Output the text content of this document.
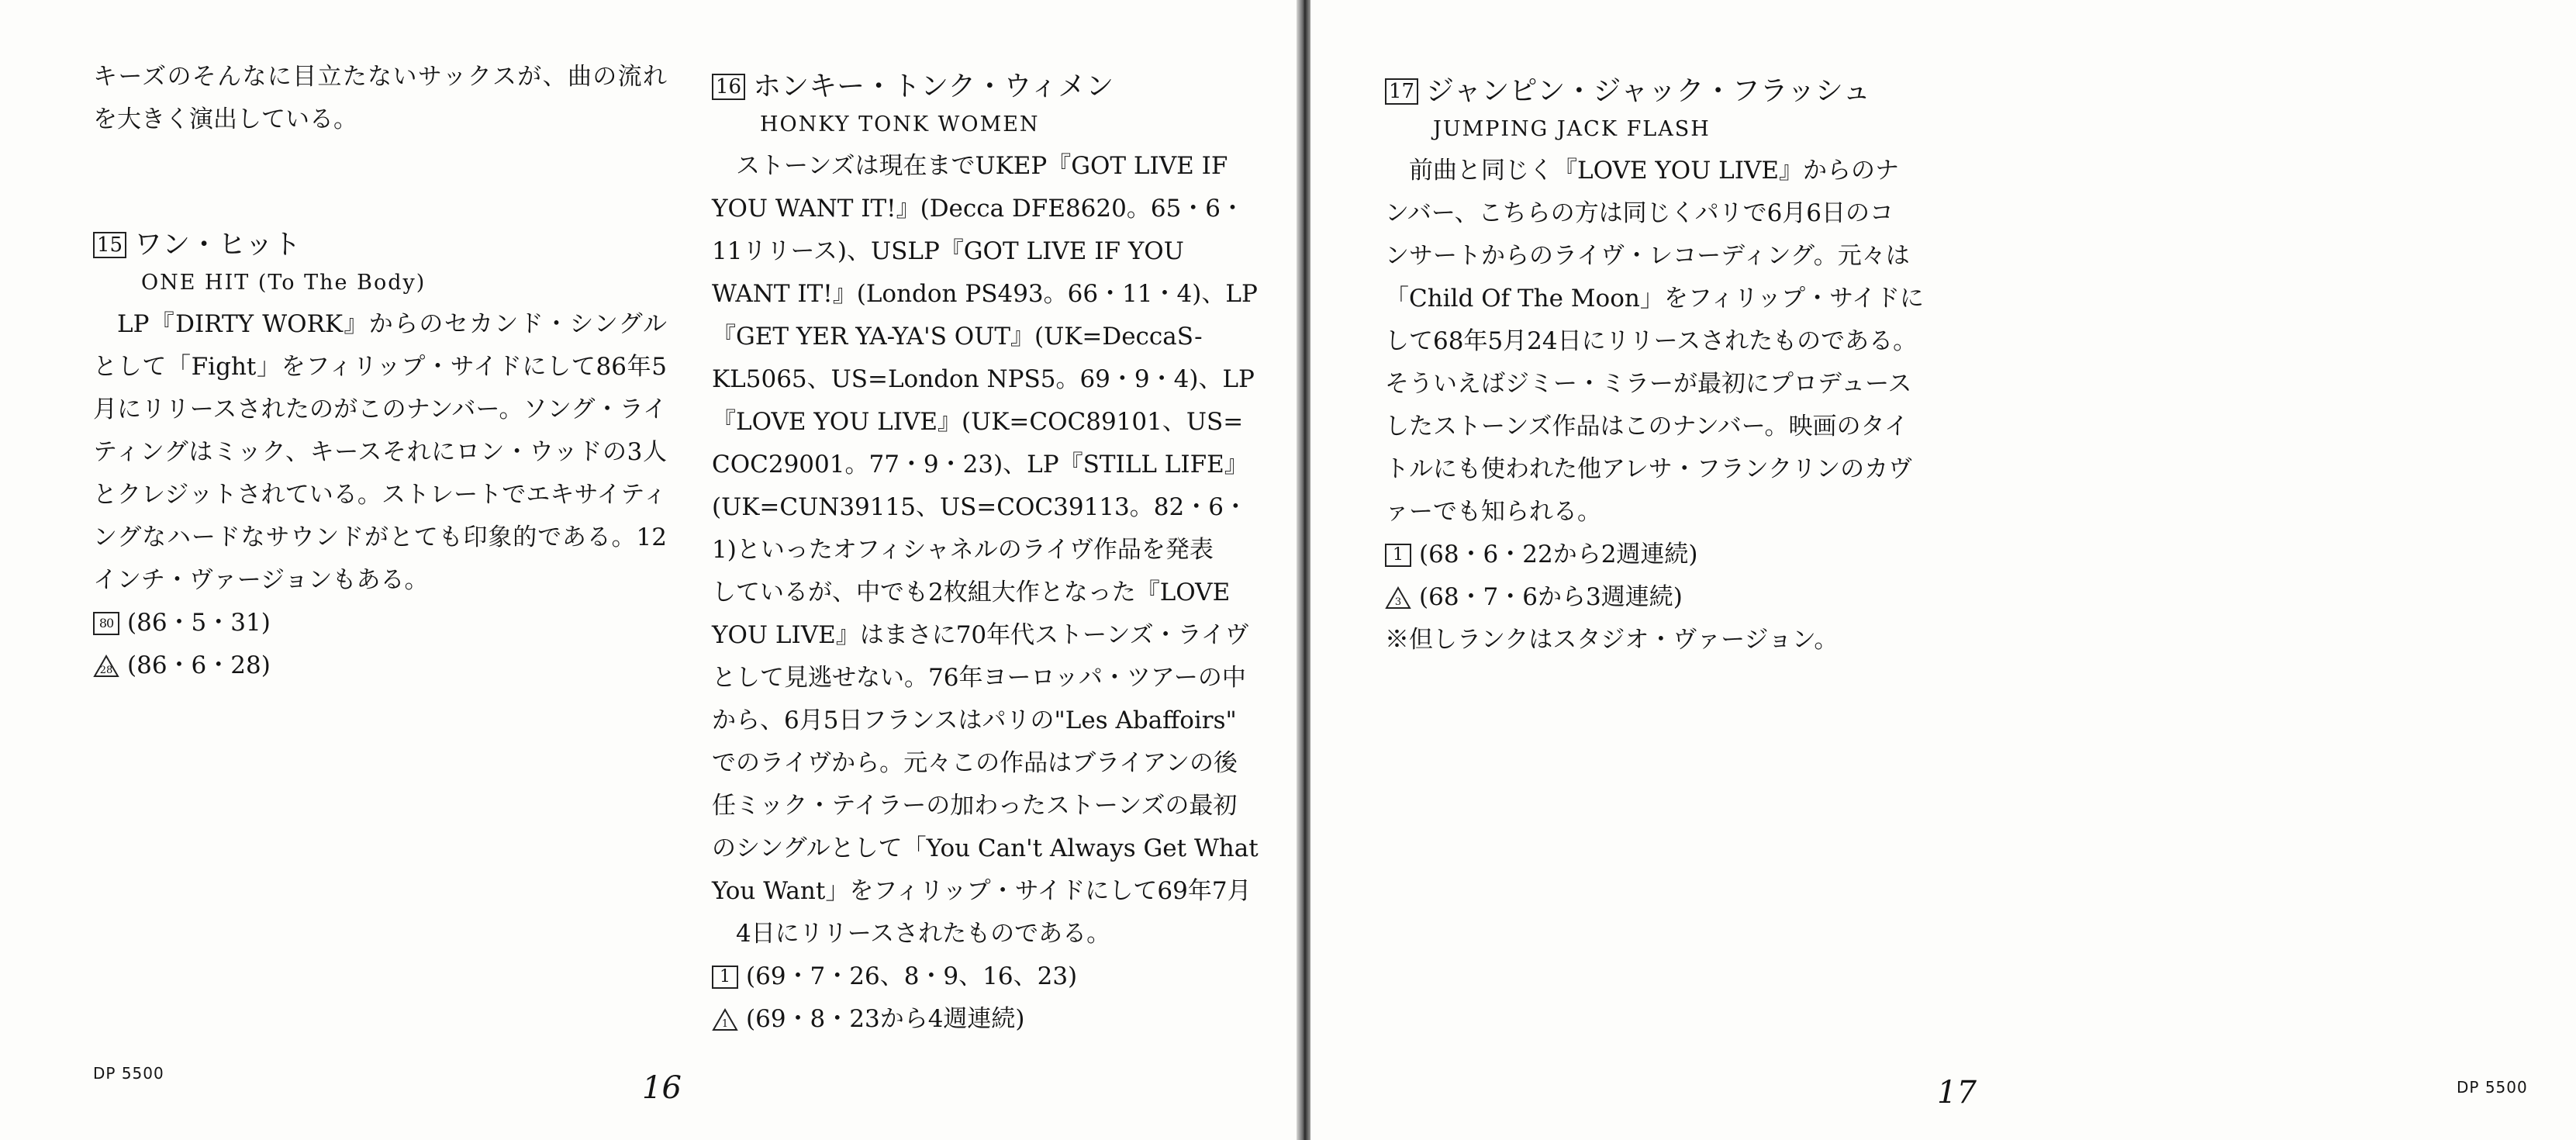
キーズのそんなに目立たないサックスが、曲の流れを大きく演出している。

15 ワン・ヒット

ONE HIT (To The Body)

LP『DIRTY WORK』からのセカンド・シングルとして「Fight」をフィリップ・サイドにして86年5月にリリースされたのがこのナンバー。ソング・ライティングはミック、キースそれにロン・ウッドの3人とクレジットされている。ストレートでエキサイティングなハードなサウンドがとても印象的である。12インチ・ヴァージョンもある。

80 (86・5・31)

28 (86・6・28)

16 ホンキー・トンク・ウィメン

HONKY TONK WOMEN

ストーンズは現在までUKEP『GOT LIVE IF

YOU WANT IT!』(Decca DFE8620。65・6・

11リリース)、USLP『GOT LIVE IF YOU

WANT IT!』(London PS493。66・11・4)、LP

『GET YER YA-YA'S OUT』(UK=DeccaS-

KL5065、US=London NPS5。69・9・4)、LP

『LOVE YOU LIVE』(UK=COC89101、US=

COC29001。77・9・23)、LP『STILL LIFE』

(UK=CUN39115、US=COC39113。82・6・

1)といったオフィシャネルのライヴ作品を発表

しているが、中でも2枚組大作となった『LOVE

YOU LIVE』はまさに70年代ストーンズ・ライヴ

として見逃せない。76年ヨーロッパ・ツアーの中

から、6月5日フランスはパリの"Les Abaffoirs"

でのライヴから。元々この作品はブライアンの後

任ミック・テイラーの加わったストーンズの最初

のシングルとして「You Can't Always Get What

You Want」をフィリップ・サイドにして69年7月

4日にリリースされたものである。

1 (69・7・26、8・9、16、23)

1 (69・8・23から4週連続)

DP 5500	16

17 ジャンピン・ジャック・フラッシュ

JUMPING JACK FLASH

前曲と同じく『LOVE YOU LIVE』からのナ

ンバー、こちらの方は同じくパリで6月6日のコ

ンサートからのライヴ・レコーディング。元々は

「Child Of The Moon」をフィリップ・サイドに

して68年5月24日にリリースされたものである。

そういえばジミー・ミラーが最初にプロデュース

したストーンズ作品はこのナンバー。映画のタイ

トルにも使われた他アレサ・フランクリンのカヴ

ァーでも知られる。

1 (68・6・22から2週連続)

3 (68・7・6から3週連続)

※但しランクはスタジオ・ヴァージョン。

17	DP 5500
